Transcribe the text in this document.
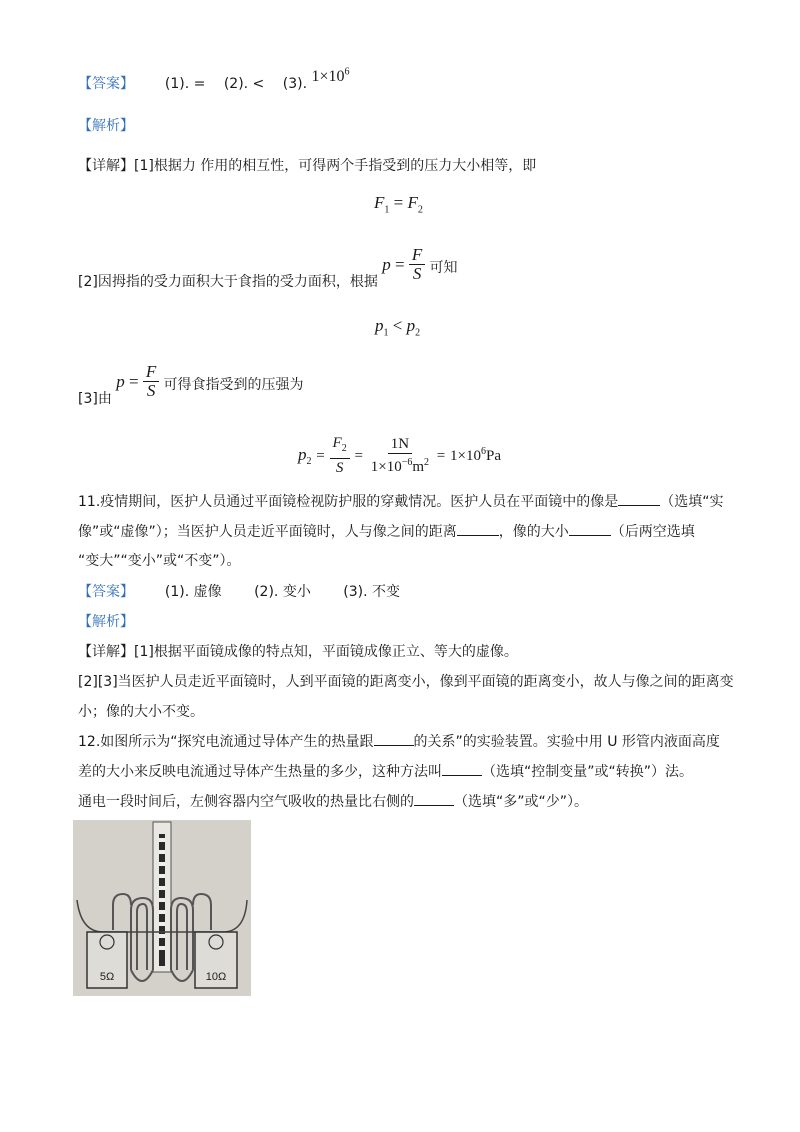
【答案】 (1). = (2). < (3). $1\times 10^6$
【解析】
【详解】[1]根据力 作用的相互性，可得两个手指受到的压力大小相等，即
$F_1 = F_2$
[2]因拇指的受力面积大于食指的受力面积，根据 $p = \frac{F}{S}$ 可知
$p_1 < p_2$
[3]由 $p = \frac{F}{S}$ 可得食指受到的压强为
$p_2 = \frac{F_2}{S} = \frac{1N}{1\times 10^{-6}m^2} = 1\times 10^6Pa$
11.疫情期间，医护人员通过平面镜检视防护服的穿戴情况。医护人员在平面镜中的像是	（选填“实
像”或“虚像”）；当医护人员走近平面镜时，人与像之间的距离	，像的大小	（后两空选填
“变大”“变小”或“不变”）。
【答案】 (1). 虚像 (2). 变小 (3). 不变
【解析】
【详解】[1]根据平面镜成像的特点知，平面镜成像正立、等大的虚像。
[2][3]当医护人员走近平面镜时，人到平面镜的距离变小，像到平面镜的距离变小，故人与像之间的距离变
小；像的大小不变。
12.如图所示为“探究电流通过导体产生的热量跟	的关系”的实验装置。实验中用 U 形管内液面高度
差的大小来反映电流通过导体产生热量的多少，这种方法叫	（选填“控制变量”或“转换”）法。
通电一段时间后，左侧容器内空气吸收的热量比右侧的	（选填“多”或“少”）。
5Ω	10Ω
